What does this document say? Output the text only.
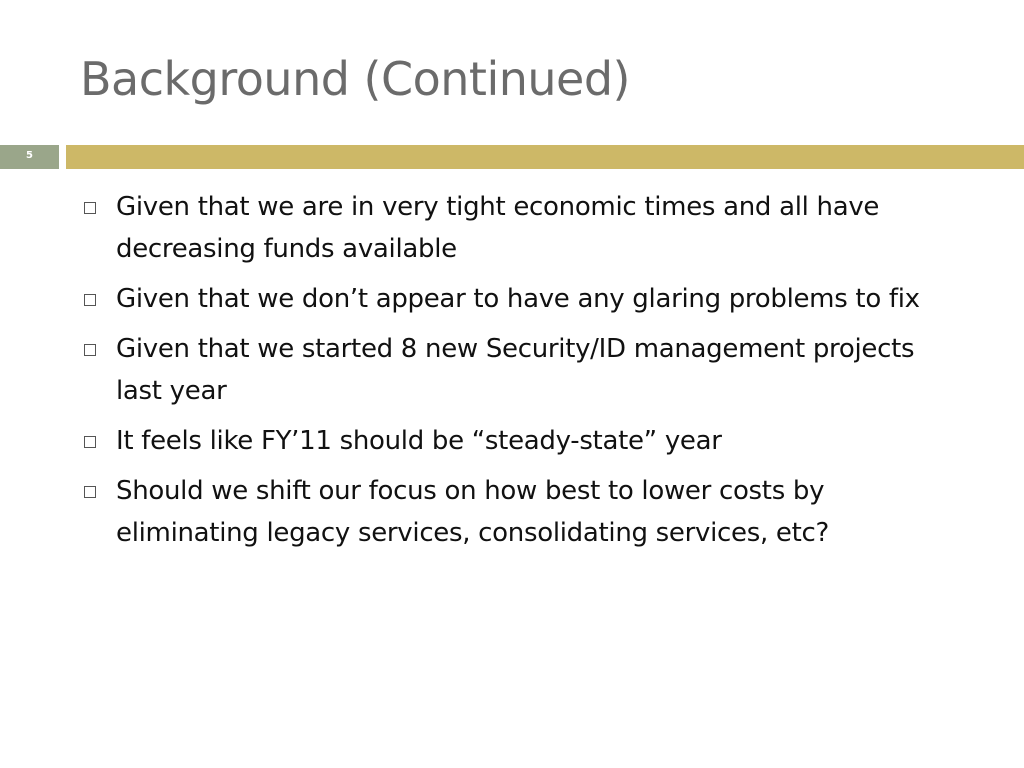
Background (Continued)
5
Given that we are in very tight economic times and all have decreasing funds available
Given that we don’t appear to have any glaring problems to fix
Given that we started 8 new Security/ID management projects last year
It feels like FY’11 should be “steady-state” year
Should we shift our focus on how best to lower costs by eliminating legacy services, consolidating services, etc?
